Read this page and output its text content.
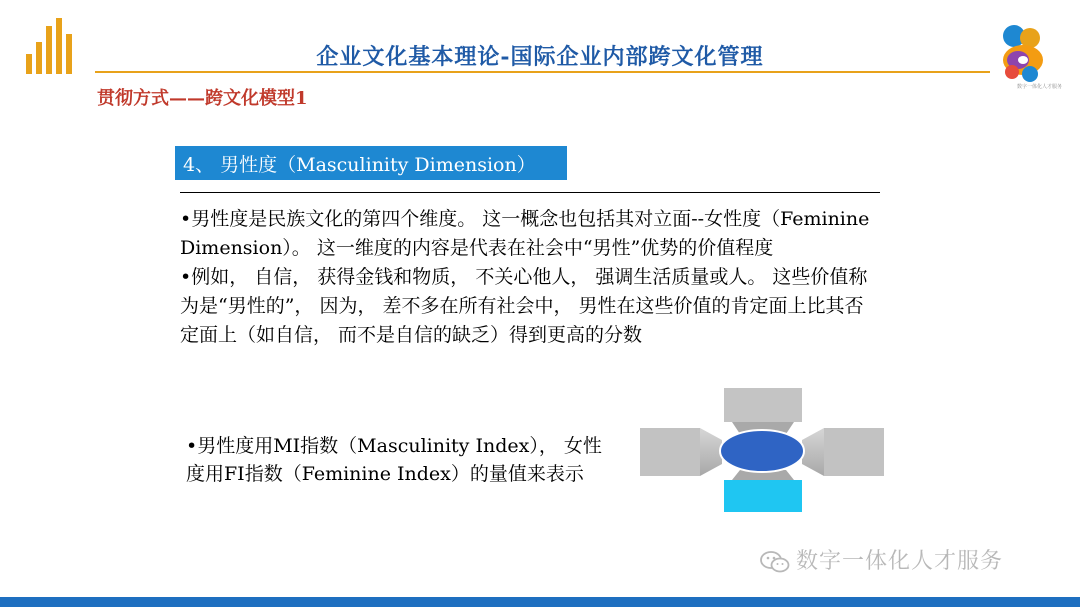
企业文化基本理论-国际企业内部跨文化管理
数字一体化人才服务
贯彻方式——跨文化模型1
4、 男性度（Masculinity Dimension）
•男性度是民族文化的第四个维度。 这一概念也包括其对立面--女性度（Feminine Dimension）。 这一维度的内容是代表在社会中“男性”优势的价值程度
•例如， 自信， 获得金钱和物质， 不关心他人， 强调生活质量或人。 这些价值称为是“男性的”， 因为， 差不多在所有社会中， 男性在这些价值的肯定面上比其否定面上（如自信， 而不是自信的缺乏）得到更高的分数
•男性度用MI指数（Masculinity Index）， 女性度用FI指数（Feminine Index）的量值来表示
数字一体化人才服务
